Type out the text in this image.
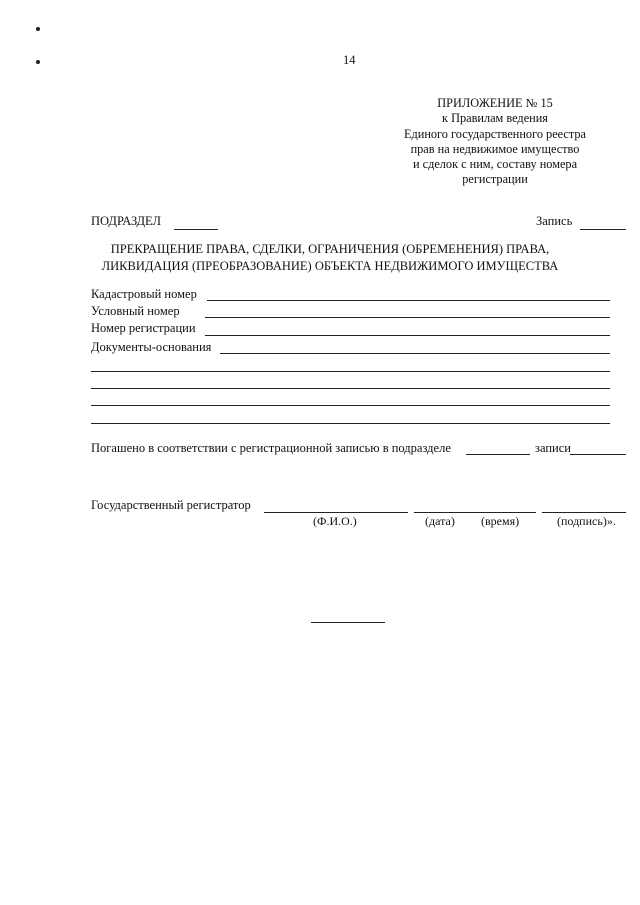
14
ПРИЛОЖЕНИЕ № 15
к Правилам ведения
Единого государственного реестра
прав на недвижимое имущество
и сделок с ним, составу номера
регистрации
ПОДРАЗДЕЛ	Запись
ПРЕКРАЩЕНИЕ ПРАВА, СДЕЛКИ, ОГРАНИЧЕНИЯ (ОБРЕМЕНЕНИЯ) ПРАВА,
ЛИКВИДАЦИЯ (ПРЕОБРАЗОВАНИЕ) ОБЪЕКТА НЕДВИЖИМОГО ИМУЩЕСТВА
Кадастровый номер
Условный номер
Номер регистрации
Документы-основания
Погашено в соответствии с регистрационной записью в подразделе	записи
Государственный регистратор
(Ф.И.О.)	(дата) (время)	(подпись)».
